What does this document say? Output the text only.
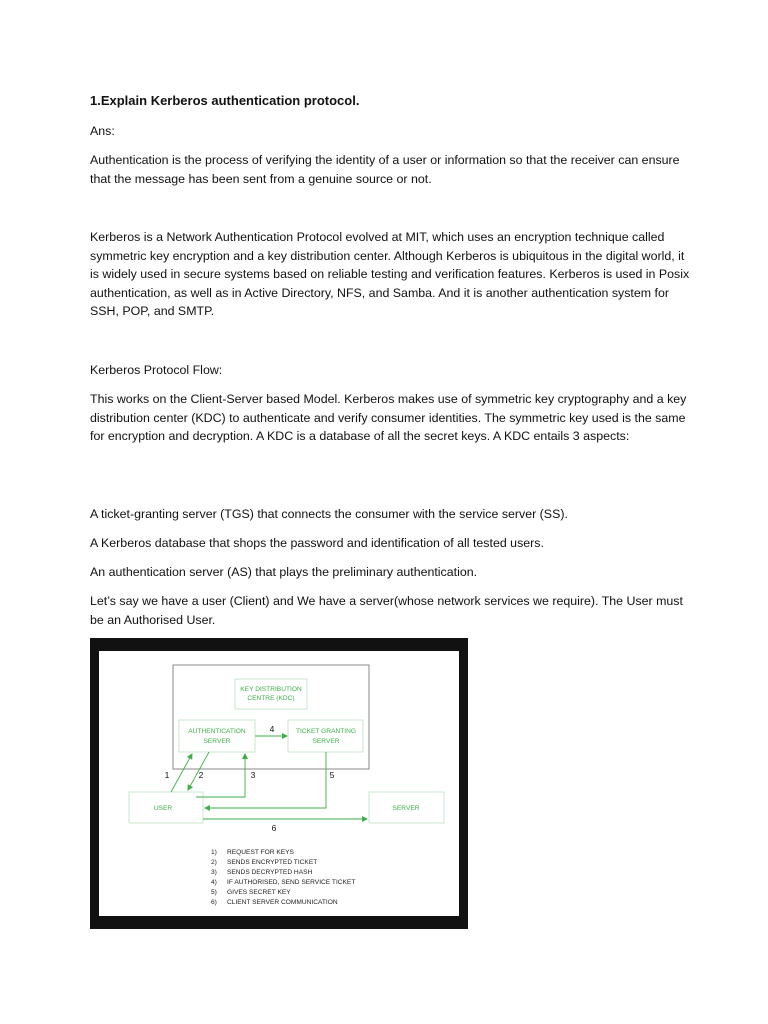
1.Explain Kerberos authentication protocol.

Ans:

Authentication is the process of verifying the identity of a user or information so that the receiver can ensure that the message has been sent from a genuine source or not.

Kerberos is a Network Authentication Protocol evolved at MIT, which uses an encryption technique called symmetric key encryption and a key distribution center. Although Kerberos is ubiquitous in the digital world, it is widely used in secure systems based on reliable testing and verification features. Kerberos is used in Posix authentication, as well as in Active Directory, NFS, and Samba. And it is another authentication system for SSH, POP, and SMTP.

Kerberos Protocol Flow:

This works on the Client-Server based Model. Kerberos makes use of symmetric key cryptography and a key distribution center (KDC) to authenticate and verify consumer identities. The symmetric key used is the same for encryption and decryption. A KDC is a database of all the secret keys. A KDC entails 3 aspects:

A ticket-granting server (TGS) that connects the consumer with the service server (SS).

A Kerberos database that shops the password and identification of all tested users.

An authentication server (AS) that plays the preliminary authentication.

Let’s say we have a user (Client) and We have a server(whose network services we require). The User must be an Authorised User.

KEY DISTRIBUTION
CENTRE (KDC)
AUTHENTICATION
SERVER
TICKET GRANTING
SERVER
USER	SERVER
1	2	3
4
5
6
1) REQUEST FOR KEYS
2) SENDS ENCRYPTED TICKET
3) SENDS DECRYPTED HASH
4) IF AUTHORISED, SEND SERVICE TICKET
5) GIVES SECRET KEY
6) CLIENT SERVER COMMUNICATION
